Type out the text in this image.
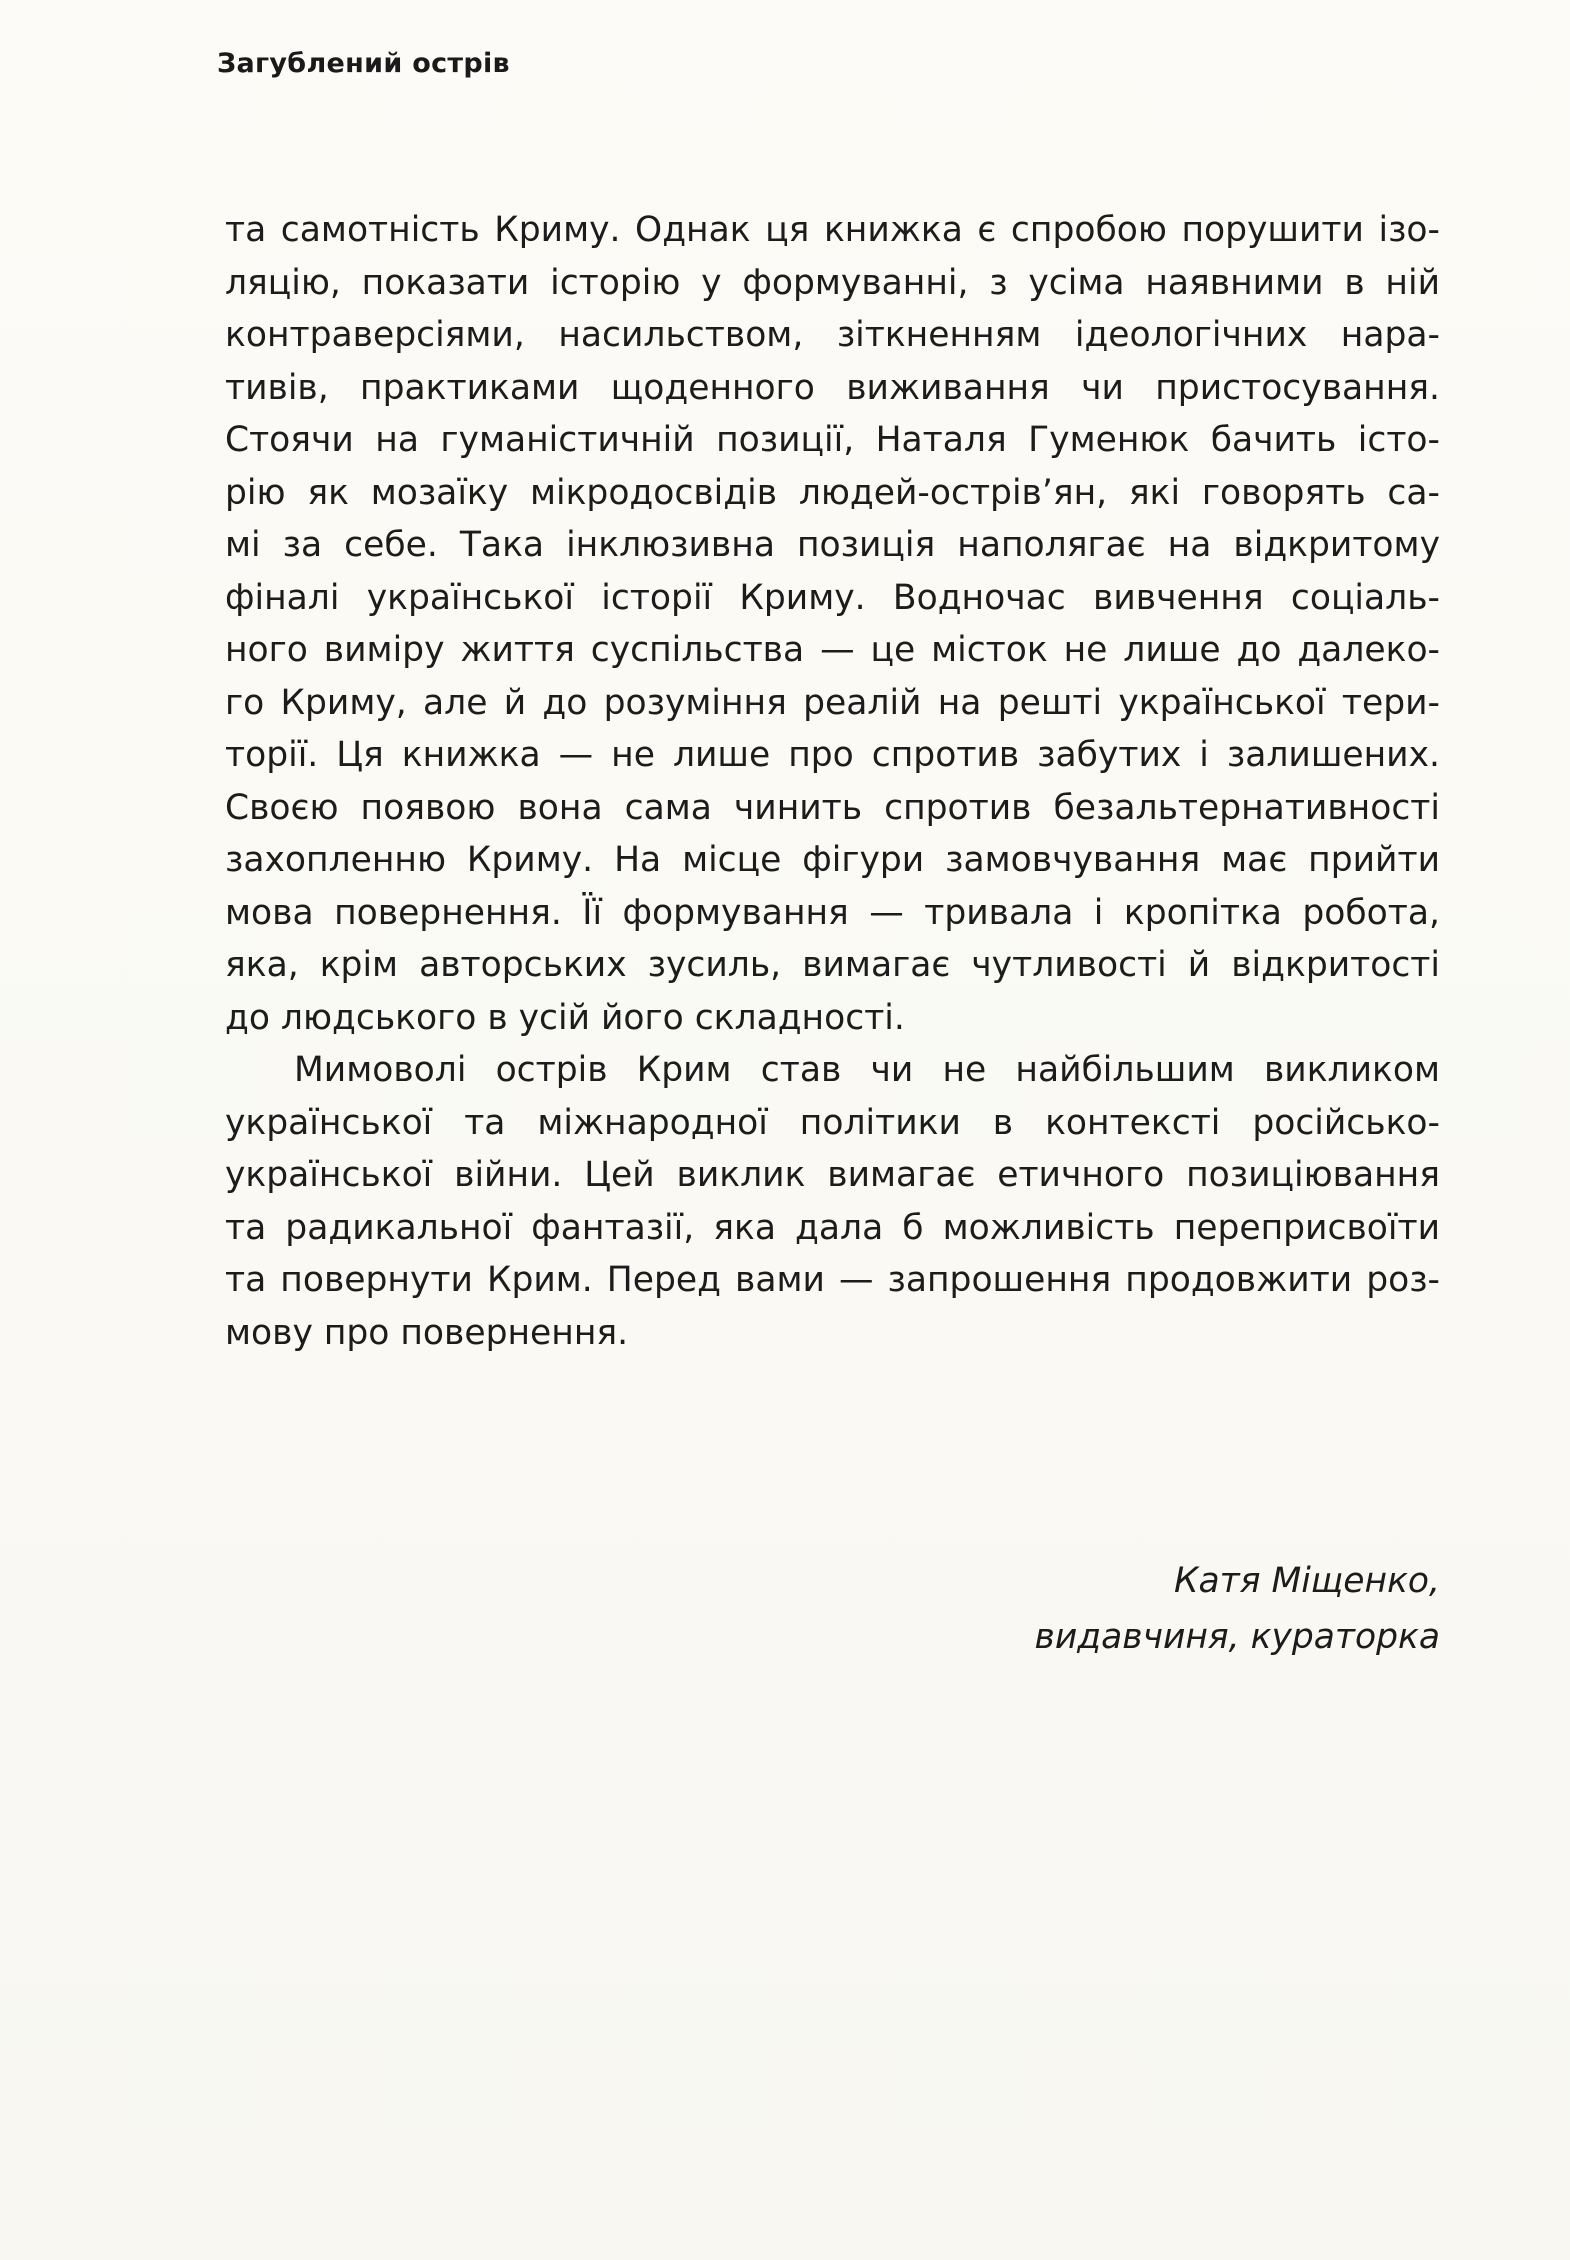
Загублений острів
та самотність Криму. Однак ця книжка є спробою порушити ізо-
ляцію, показати історію у формуванні, з усіма наявними в ній
контраверсіями, насильством, зіткненням ідеологічних нара-
тивів, практиками щоденного виживання чи пристосування.
Стоячи на гуманістичній позиції, Наталя Гуменюк бачить істо-
рію як мозаїку мікродосвідів людей-острів’ян, які говорять са-
мі за себе. Така інклюзивна позиція наполягає на відкритому
фіналі української історії Криму. Водночас вивчення соціаль-
ного виміру життя суспільства — це місток не лише до далеко-
го Криму, але й до розуміння реалій на решті української тери-
торії. Ця книжка — не лише про спротив забутих і залишених.
Своєю появою вона сама чинить спротив безальтернативності
захопленню Криму. На місце фігури замовчування має прийти
мова повернення. Її формування — тривала і кропітка робота,
яка, крім авторських зусиль, вимагає чутливості й відкритості
до людського в усій його складності.
Мимоволі острів Крим став чи не найбільшим викликом
української та міжнародної політики в контексті російсько-
української війни. Цей виклик вимагає етичного позиціювання
та радикальної фантазії, яка дала б можливість переприсвоїти
та повернути Крим. Перед вами — запрошення продовжити роз-
мову про повернення.
Катя Міщенко,
видавчиня, кураторка
